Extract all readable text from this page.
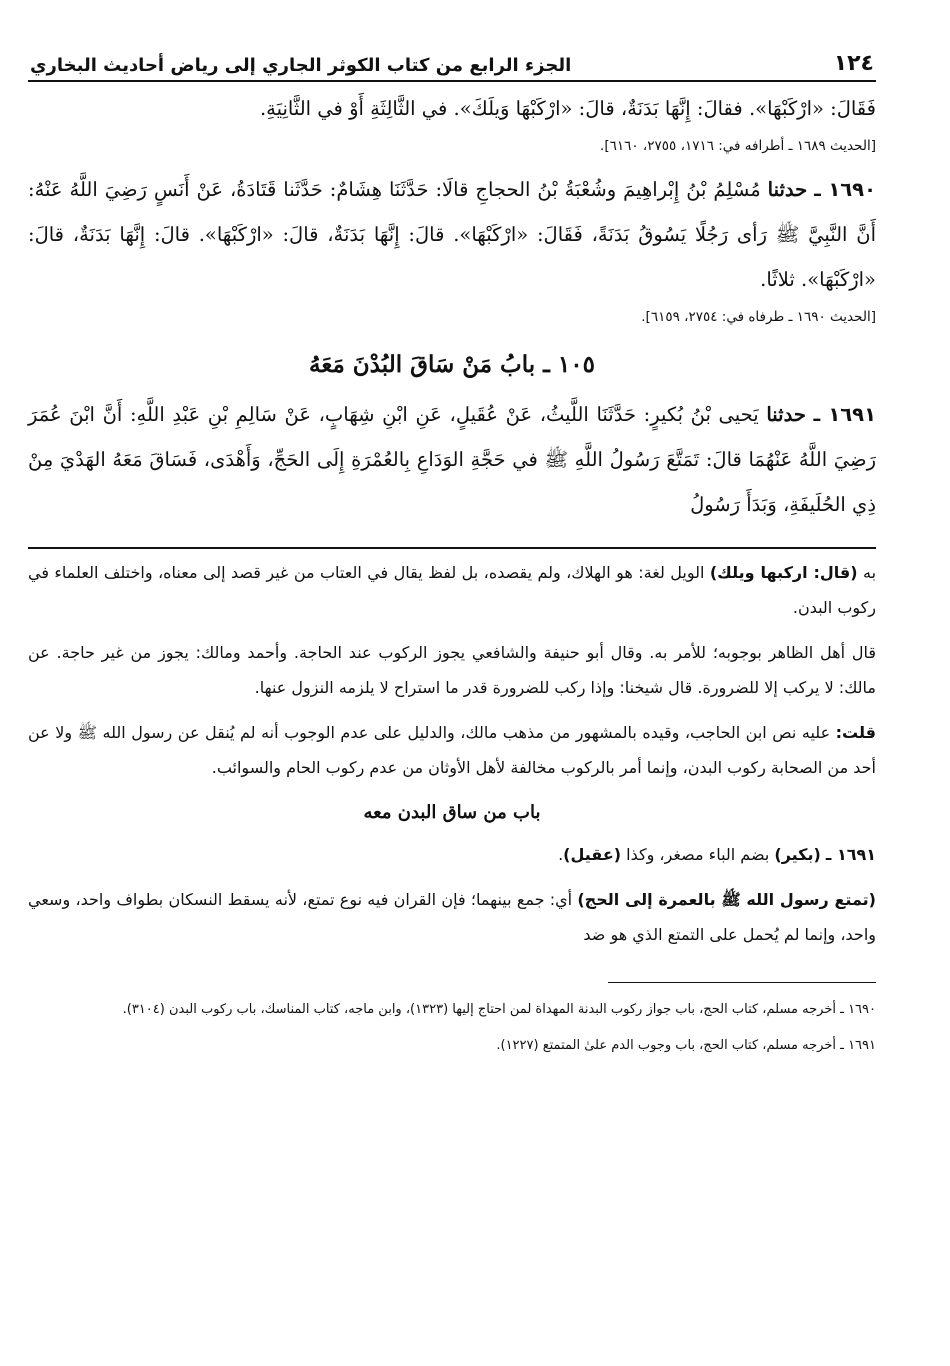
١٢٤
الجزء الرابع من كتاب الكوثر الجاري إلى رياض أحاديث البخاري

فَقَالَ: «ارْكَبْهَا». فقالَ: إِنَّهَا بَدَنَةٌ، قالَ: «ارْكَبْهَا وَيلَكَ». في الثَّالِثَةِ أَوْ في الثَّانِيَةِ.

[الحديث ١٦٨٩ ـ أطرافه في: ١٧١٦، ٢٧٥٥، ٦١٦٠].

١٦٩٠ ـ حدثنا مُسْلِمُ بْنُ إِبْراهِيمَ وشُعْبَةُ بْنُ الحجاجِ قالَا: حَدَّثَنَا هِشَامٌ: حَدَّثَنا قَتَادَةُ، عَنْ أَنَسٍ رَضِيَ اللَّهُ عَنْهُ: أَنَّ النَّبِيَّ ﷺ رَأى رَجُلًا يَسُوقُ بَدَنَةً، فَقَالَ: «ارْكَبْهَا». قالَ: إِنَّهَا بَدَنَةٌ، قالَ: «ارْكَبْهَا». قالَ: إِنَّهَا بَدَنَةٌ، قالَ: «ارْكَبْهَا». ثلاثًا.

[الحديث ١٦٩٠ ـ طرفاه في: ٢٧٥٤، ٦١٥٩].

١٠٥ ـ بابُ مَنْ سَاقَ البُدْنَ مَعَهُ

١٦٩١ ـ حدثنا يَحيى بْنُ بُكيرٍ: حَدَّثَنَا اللَّيثُ، عَنْ عُقَيلٍ، عَنِ ابْنِ شِهَابٍ، عَنْ سَالِمِ بْنِ عَبْدِ اللَّهِ: أَنَّ ابْنَ عُمَرَ رَضِيَ اللَّهُ عَنْهُمَا قالَ: تَمَتَّعَ رَسُولُ اللَّهِ ﷺ في حَجَّةِ الوَدَاعِ بِالعُمْرَةِ إِلَى الحَجِّ، وَأَهْدَى، فَسَاقَ مَعَهُ الهَدْيَ مِنْ ذِي الحُلَيفَةِ، وَبَدَأَ رَسُولُ

به (قال: اركبها ويلك) الويل لغة: هو الهلاك، ولم يقصده، بل لفظ يقال في العتاب من غير قصد إلى معناه، واختلف العلماء في ركوب البدن.

قال أهل الظاهر بوجوبه؛ للأمر به. وقال أبو حنيفة والشافعي يجوز الركوب عند الحاجة. وأحمد ومالك: يجوز من غير حاجة. عن مالك: لا يركب إلا للضرورة. قال شيخنا: وإذا ركب للضرورة قدر ما استراح لا يلزمه النزول عنها.

قلت: عليه نص ابن الحاجب، وقيده بالمشهور من مذهب مالك، والدليل على عدم الوجوب أنه لم يُنقل عن رسول الله ﷺ ولا عن أحد من الصحابة ركوب البدن، وإنما أمر بالركوب مخالفة لأهل الأوثان من عدم ركوب الحام والسوائب.

باب من ساق البدن معه

١٦٩١ ـ (بكير) بضم الباء مصغر، وكذا (عقيل).

(تمتع رسول الله ﷺ بالعمرة إلى الحج) أي: جمع بينهما؛ فإن القران فيه نوع تمتع، لأنه يسقط النسكان بطواف واحد، وسعي واحد، وإنما لم يُحمل على التمتع الذي هو ضد

١٦٩٠ ـ أخرجه مسلم، كتاب الحج، باب جواز ركوب البدنة المهداة لمن احتاج إليها (١٣٢٣)، وابن ماجه، كتاب المناسك، باب ركوب البدن (٣١٠٤).

١٦٩١ ـ أخرجه مسلم، كتاب الحج، باب وجوب الدم علىٰ المتمتع (١٢٢٧).
